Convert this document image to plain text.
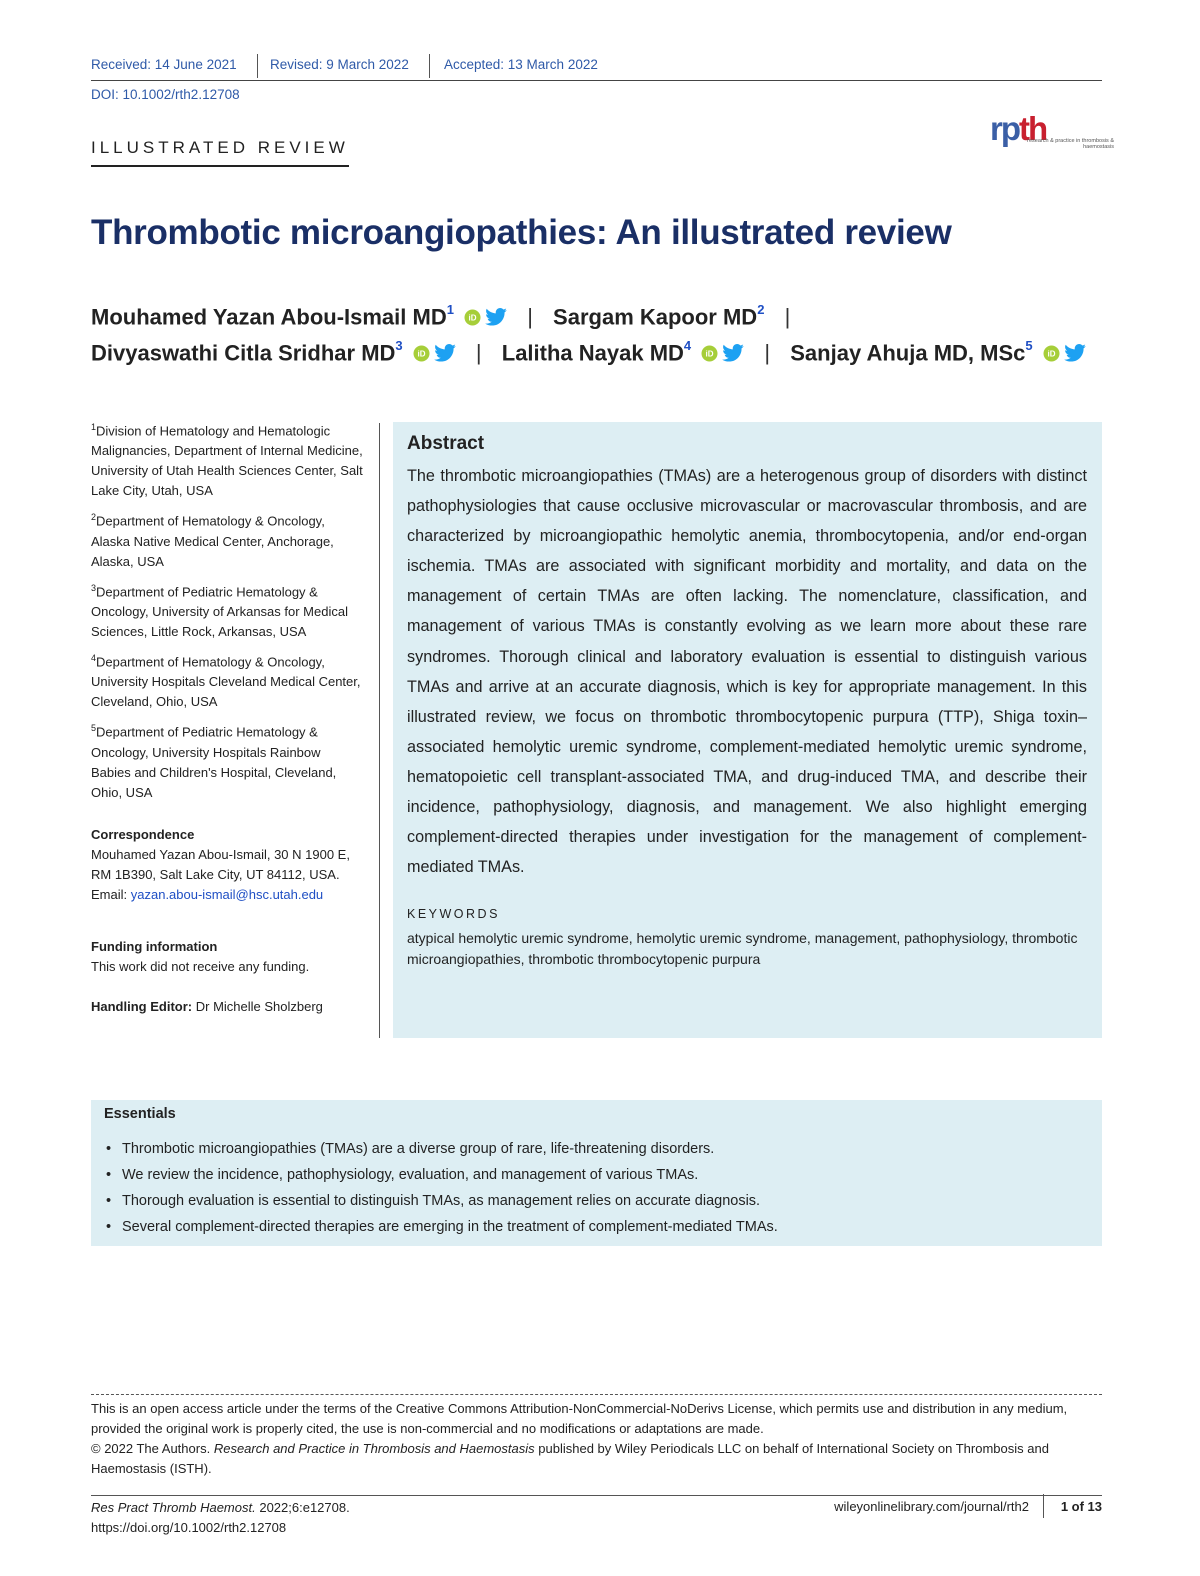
Received: 14 June 2021 Revised: 9 March 2022	Accepted: 13 March 2022
DOI: 10.1002/rth2.12708
ILLUSTRATED REVIEW
rpth
research & practice in thrombosis & haemostasis
Thrombotic microangiopathies: An illustrated review
Mouhamed Yazan Abou-Ismail $MD^1$
iD | Sargam Kapoor $MD^2$ |
Divyaswathi Citla Sridhar $MD^3$
iD | Lalitha Nayak $MD^4$
iD | Sanjay Ahuja MD, MSc$^5$
iD
$^1$Division of Hematology and Hematologic Malignancies, Department of Internal Medicine, University of Utah Health Sciences Center, Salt Lake City, Utah, USA
$^2$Department of Hematology & Oncology, Alaska Native Medical Center, Anchorage, Alaska, USA
$^3$Department of Pediatric Hematology & Oncology, University of Arkansas for Medical Sciences, Little Rock, Arkansas, USA
$^4$Department of Hematology & Oncology, University Hospitals Cleveland Medical Center, Cleveland, Ohio, USA
$^5$Department of Pediatric Hematology & Oncology, University Hospitals Rainbow Babies and Children's Hospital, Cleveland, Ohio, USA
Correspondence
Mouhamed Yazan Abou-Ismail, 30 N 1900 E, RM 1B390, Salt Lake City, UT 84112, USA.
Email: yazan.abou-ismail@hsc.utah.edu
Funding information
This work did not receive any funding.
Handling Editor: Dr Michelle Sholzberg
Abstract
The thrombotic microangiopathies (TMAs) are a heterogenous group of disorders with distinct pathophysiologies that cause occlusive microvascular or macrovascular thrombosis, and are characterized by microangiopathic hemolytic anemia, thrombocytopenia, and/or end-organ ischemia. TMAs are associated with significant morbidity and mortality, and data on the management of certain TMAs are often lacking. The nomenclature, classification, and management of various TMAs is constantly evolving as we learn more about these rare syndromes. Thorough clinical and laboratory evaluation is essential to distinguish various TMAs and arrive at an accurate diagnosis, which is key for appropriate management. In this illustrated review, we focus on thrombotic thrombocytopenic purpura (TTP), Shiga toxin–associated hemolytic uremic syndrome, complement-mediated hemolytic uremic syndrome, hematopoietic cell transplant-associated TMA, and drug-induced TMA, and describe their incidence, pathophysiology, diagnosis, and management. We also highlight emerging complement-directed therapies under investigation for the management of complement-mediated TMAs.
KEYWORDS
atypical hemolytic uremic syndrome, hemolytic uremic syndrome, management, pathophysiology, thrombotic microangiopathies, thrombotic thrombocytopenic purpura
Essentials
• Thrombotic microangiopathies (TMAs) are a diverse group of rare, life-threatening disorders.
• We review the incidence, pathophysiology, evaluation, and management of various TMAs.
• Thorough evaluation is essential to distinguish TMAs, as management relies on accurate diagnosis.
• Several complement-directed therapies are emerging in the treatment of complement-mediated TMAs.
This is an open access article under the terms of the Creative Commons Attribution-NonCommercial-NoDerivs License, which permits use and distribution in any medium, provided the original work is properly cited, the use is non-commercial and no modifications or adaptations are made.
© 2022 The Authors. Research and Practice in Thrombosis and Haemostasis published by Wiley Periodicals LLC on behalf of International Society on Thrombosis and Haemostasis (ISTH).
Res Pract Thromb Haemost. 2022;6:e12708.
https://doi.org/10.1002/rth2.12708
wileyonlinelibrary.com/journal/rth2 1 of 13
